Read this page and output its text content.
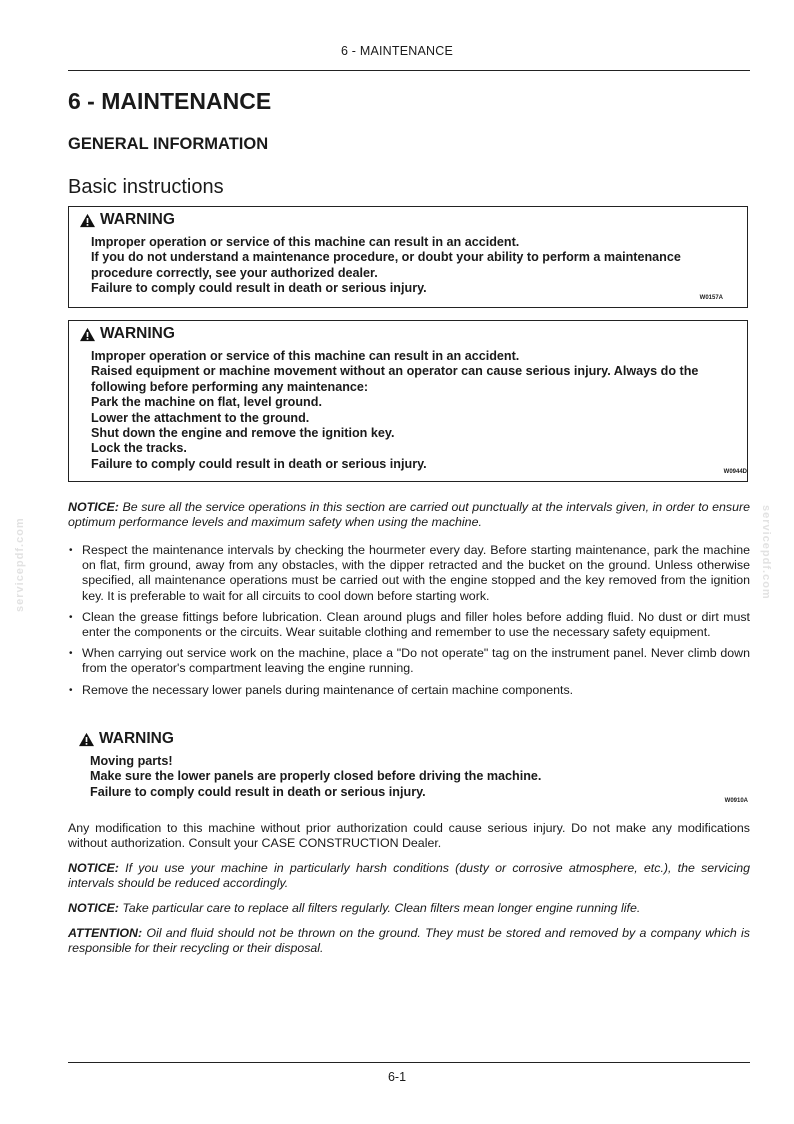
6 - MAINTENANCE
6 - MAINTENANCE
GENERAL INFORMATION
Basic instructions
WARNING
Improper operation or service of this machine can result in an accident.
If you do not understand a maintenance procedure, or doubt your ability to perform a maintenance
procedure correctly, see your authorized dealer.
Failure to comply could result in death or serious injury.
W0157A
WARNING
Improper operation or service of this machine can result in an accident.
Raised equipment or machine movement without an operator can cause serious injury. Always do the
following before performing any maintenance:
Park the machine on flat, level ground.
Lower the attachment to the ground.
Shut down the engine and remove the ignition key.
Lock the tracks.
Failure to comply could result in death or serious injury.
W0944D

NOTICE: Be sure all the service operations in this section are carried out punctually at the intervals given, in order to ensure optimum performance levels and maximum safety when using the machine.

• Respect the maintenance intervals by checking the hourmeter every day. Before starting maintenance, park the machine on flat, firm ground, away from any obstacles, with the dipper retracted and the bucket on the ground. Unless otherwise specified, all maintenance operations must be carried out with the engine stopped and the key removed from the ignition key. It is preferable to wait for all circuits to cool down before starting work.
• Clean the grease fittings before lubrication. Clean around plugs and filler holes before adding fluid. No dust or dirt must enter the components or the circuits. Wear suitable clothing and remember to use the necessary safety equipment.
• When carrying out service work on the machine, place a "Do not operate" tag on the instrument panel. Never climb down from the operator's compartment leaving the engine running.
• Remove the necessary lower panels during maintenance of certain machine components.
WARNING
Moving parts!
Make sure the lower panels are properly closed before driving the machine.
Failure to comply could result in death or serious injury.
W0910A

Any modification to this machine without prior authorization could cause serious injury. Do not make any modifications without authorization. Consult your CASE CONSTRUCTION Dealer.

NOTICE: If you use your machine in particularly harsh conditions (dusty or corrosive atmosphere, etc.), the servicing intervals should be reduced accordingly.

NOTICE: Take particular care to replace all filters regularly. Clean filters mean longer engine running life.

ATTENTION: Oil and fluid should not be thrown on the ground. They must be stored and removed by a company which is responsible for their recycling or their disposal.

servicepdf.com	servicepdf.com
6-1
